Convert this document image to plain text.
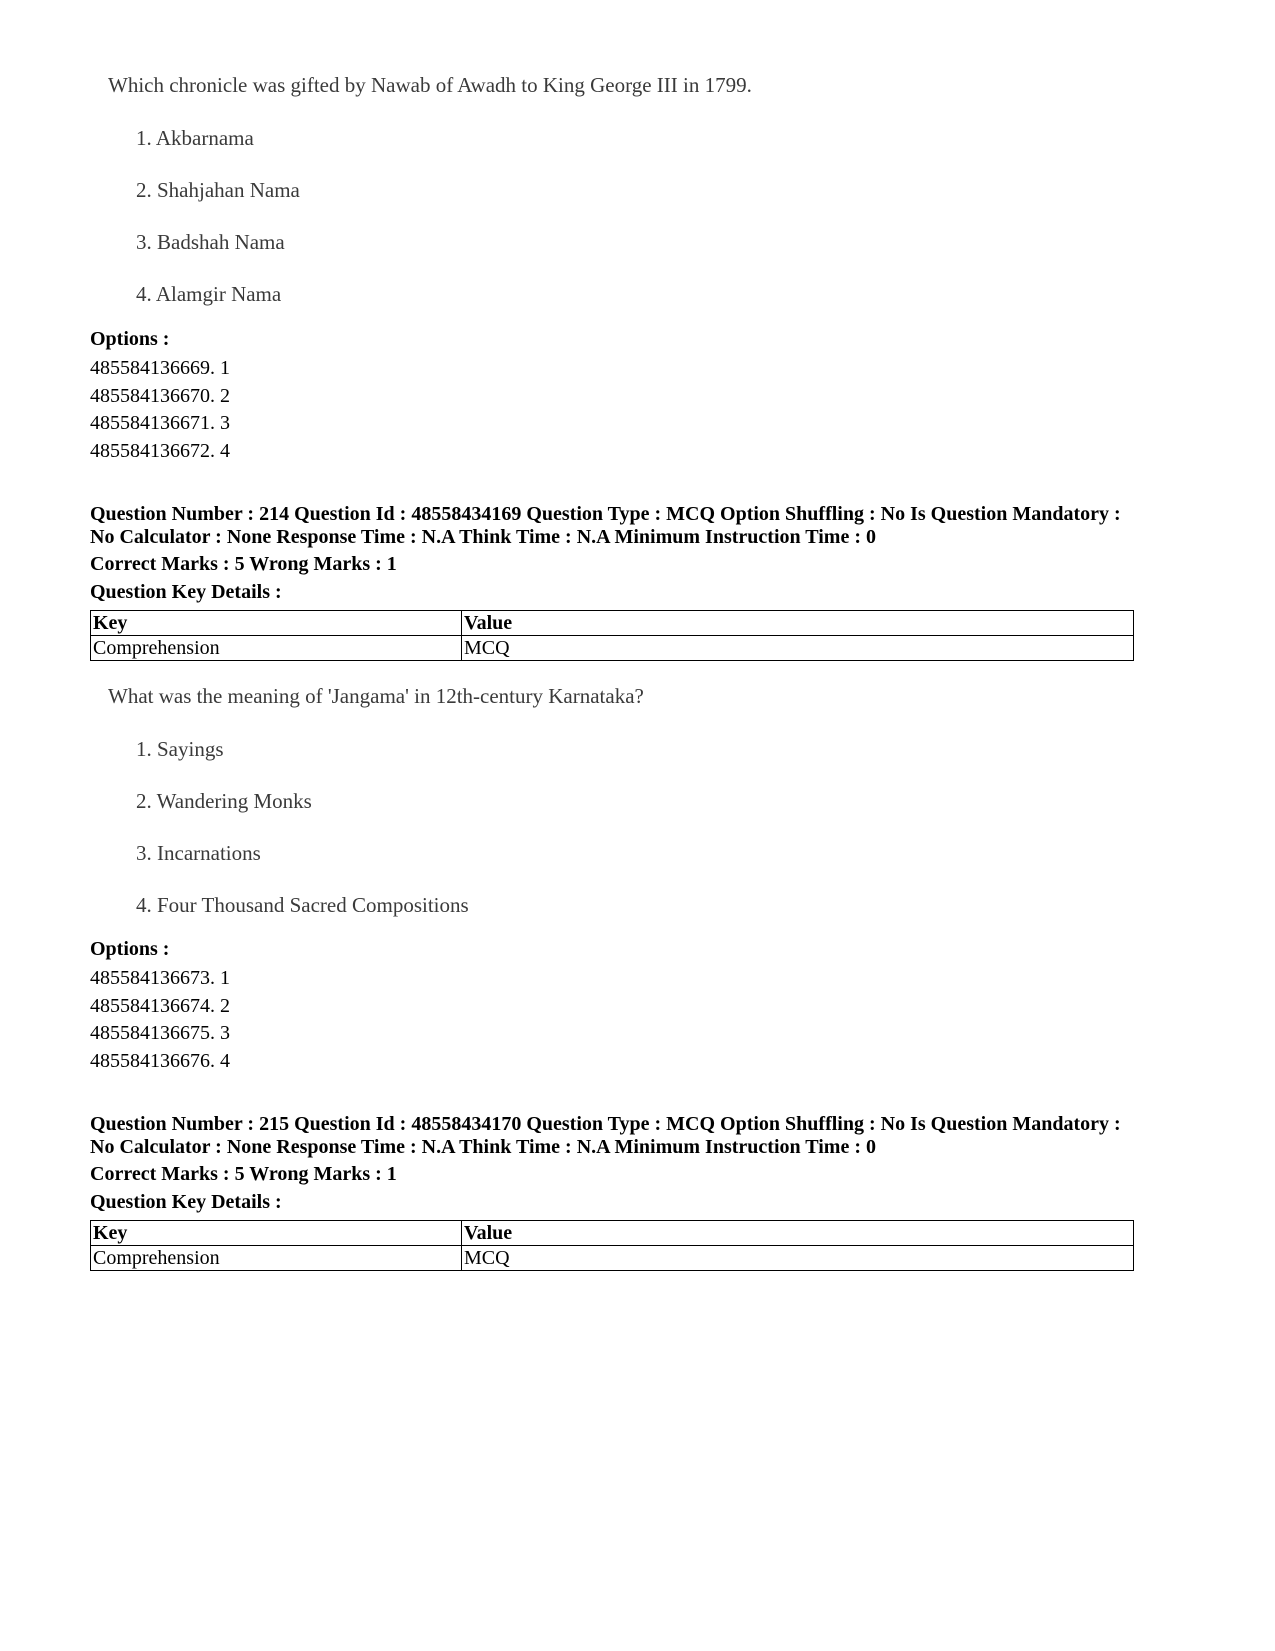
Which chronicle was gifted by Nawab of Awadh to King George III in 1799.
1. Akbarnama
2. Shahjahan Nama
3. Badshah Nama
4. Alamgir Nama
Options :
485584136669. 1
485584136670. 2
485584136671. 3
485584136672. 4
Question Number : 214 Question Id : 48558434169 Question Type : MCQ Option Shuffling : No Is Question Mandatory :
No Calculator : None Response Time : N.A Think Time : N.A Minimum Instruction Time : 0
Correct Marks : 5 Wrong Marks : 1
Question Key Details :
Key	Value
Comprehension	MCQ
What was the meaning of 'Jangama' in 12th-century Karnataka?
1. Sayings
2. Wandering Monks
3. Incarnations
4. Four Thousand Sacred Compositions
Options :
485584136673. 1
485584136674. 2
485584136675. 3
485584136676. 4
Question Number : 215 Question Id : 48558434170 Question Type : MCQ Option Shuffling : No Is Question Mandatory :
No Calculator : None Response Time : N.A Think Time : N.A Minimum Instruction Time : 0
Correct Marks : 5 Wrong Marks : 1
Question Key Details :
Key	Value
Comprehension	MCQ
